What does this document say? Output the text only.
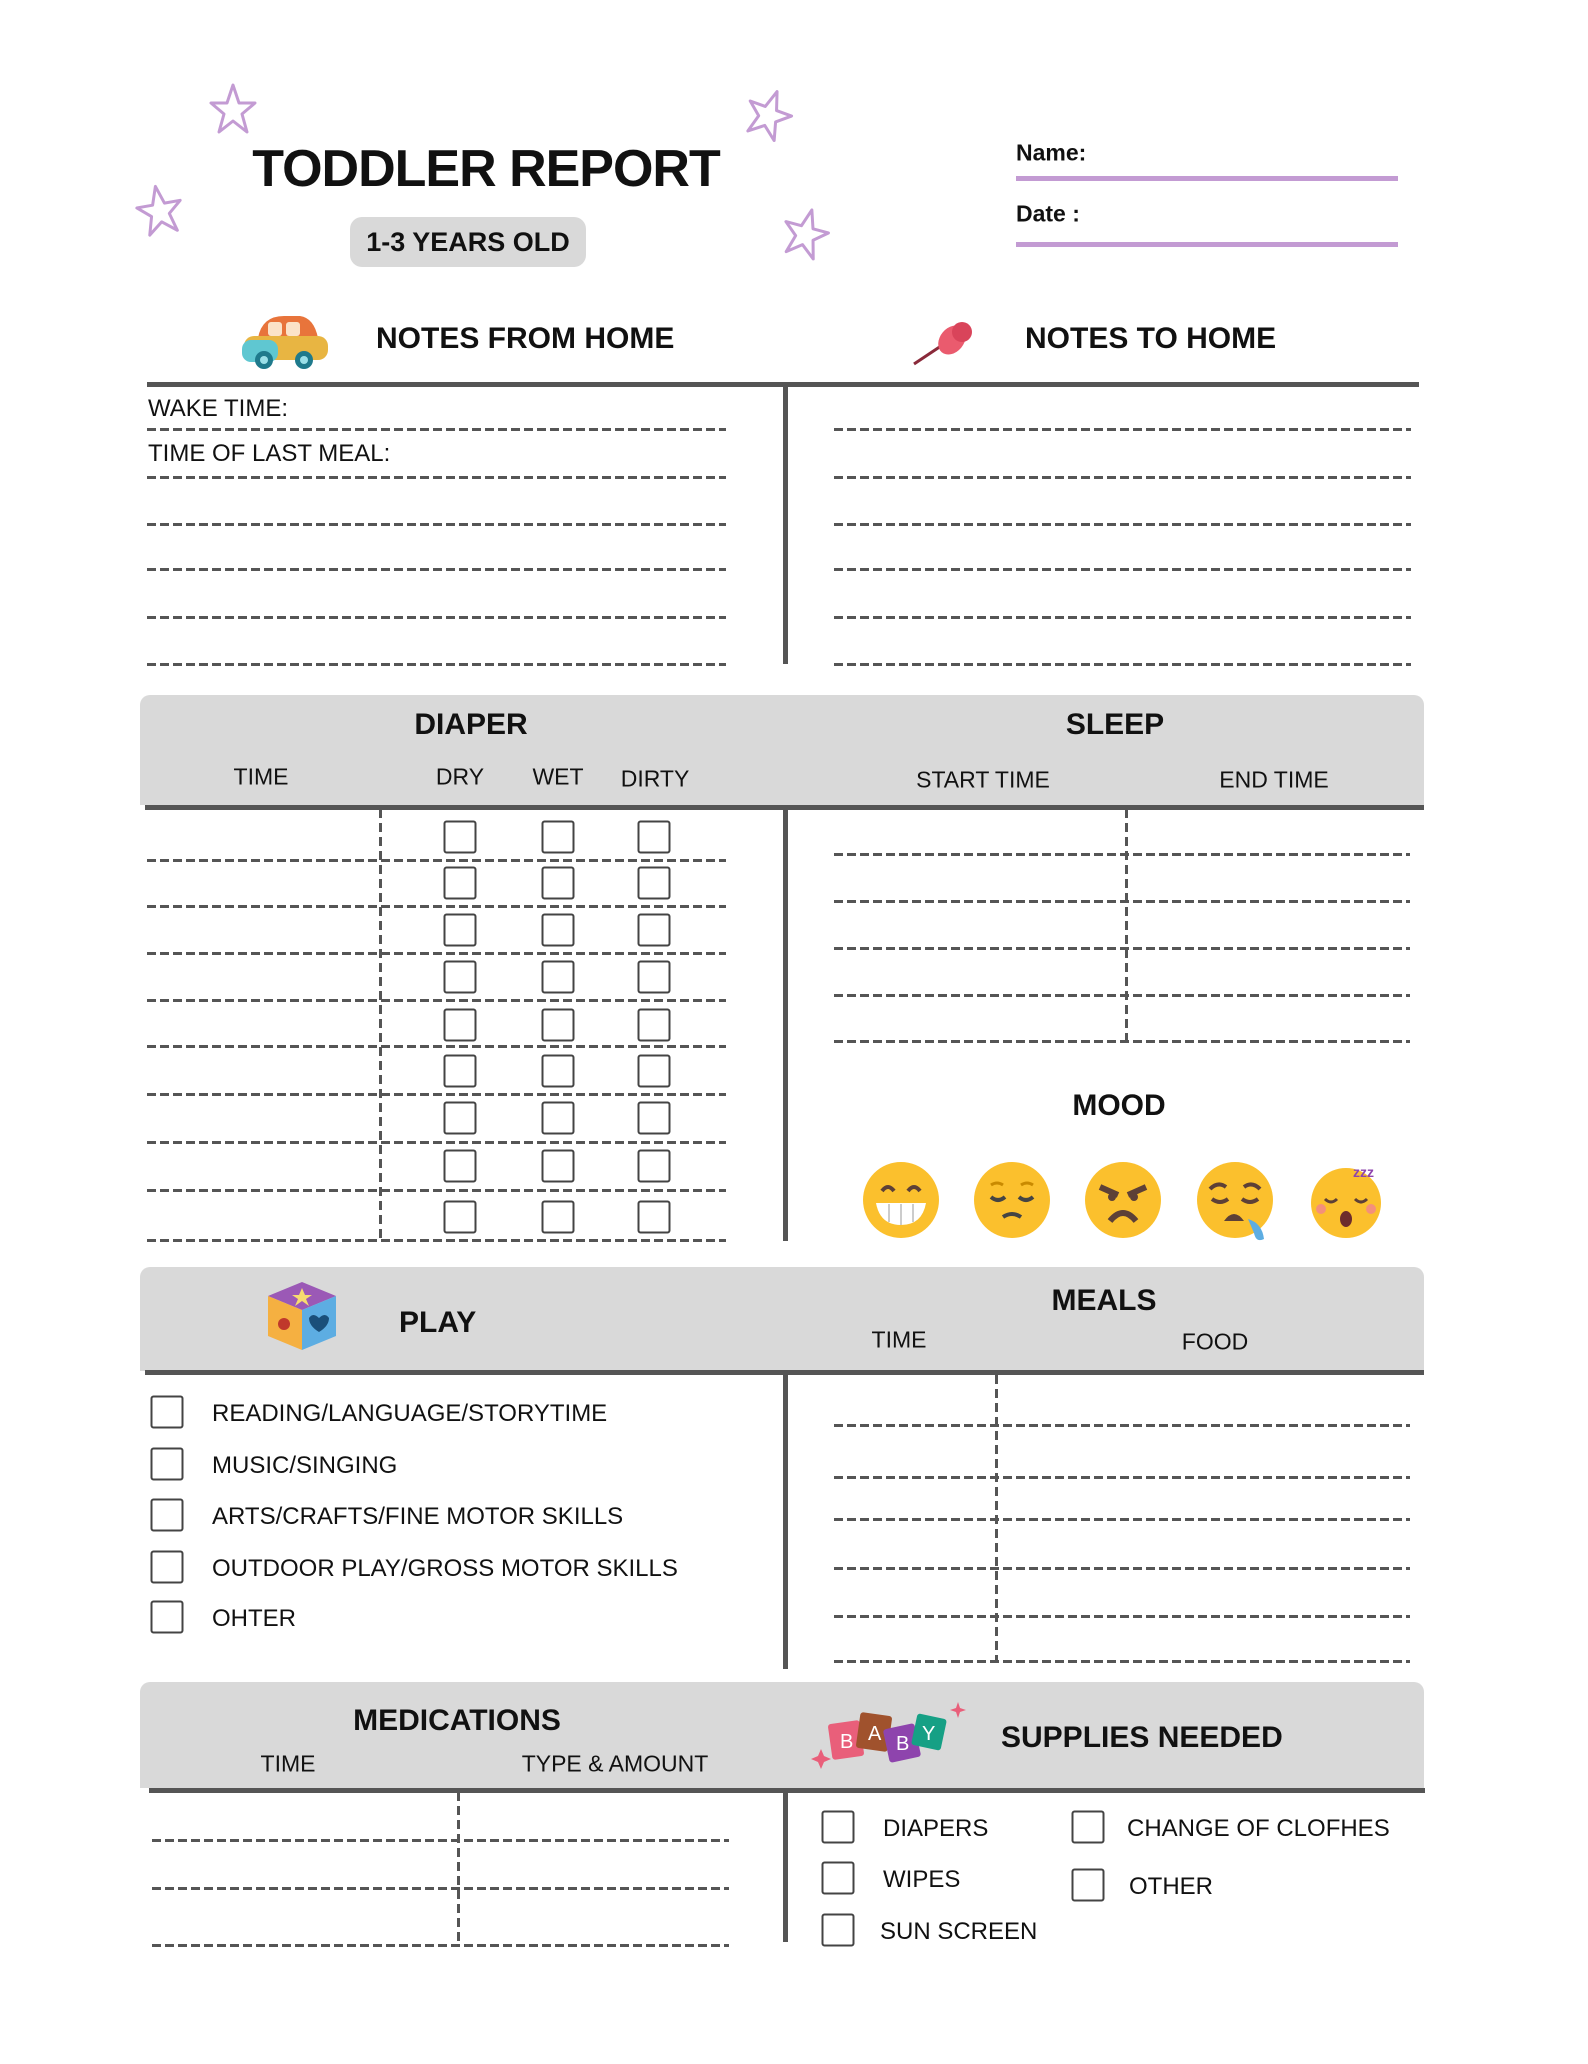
TODDLER REPORT
1-3 YEARS OLD
Name:
Date :
NOTES FROM HOME	NOTES TO HOME
WAKE TIME:
TIME OF LAST MEAL:
DIAPER	SLEEP
TIME	DRY WET DIRTY	START TIME	END TIME
MOOD
zzz
PLAY
MEALS
TIME	FOOD
READING/LANGUAGE/STORYTIME
MUSIC/SINGING
ARTS/CRAFTS/FINE MOTOR SKILLS
OUTDOOR PLAY/GROSS MOTOR SKILLS
OHTER
MEDICATIONS
TIME	TYPE & AMOUNT
B A B Y SUPPLIES NEEDED
DIAPERS
WIPES
SUN SCREEN
CHANGE OF CLOFHES
OTHER
